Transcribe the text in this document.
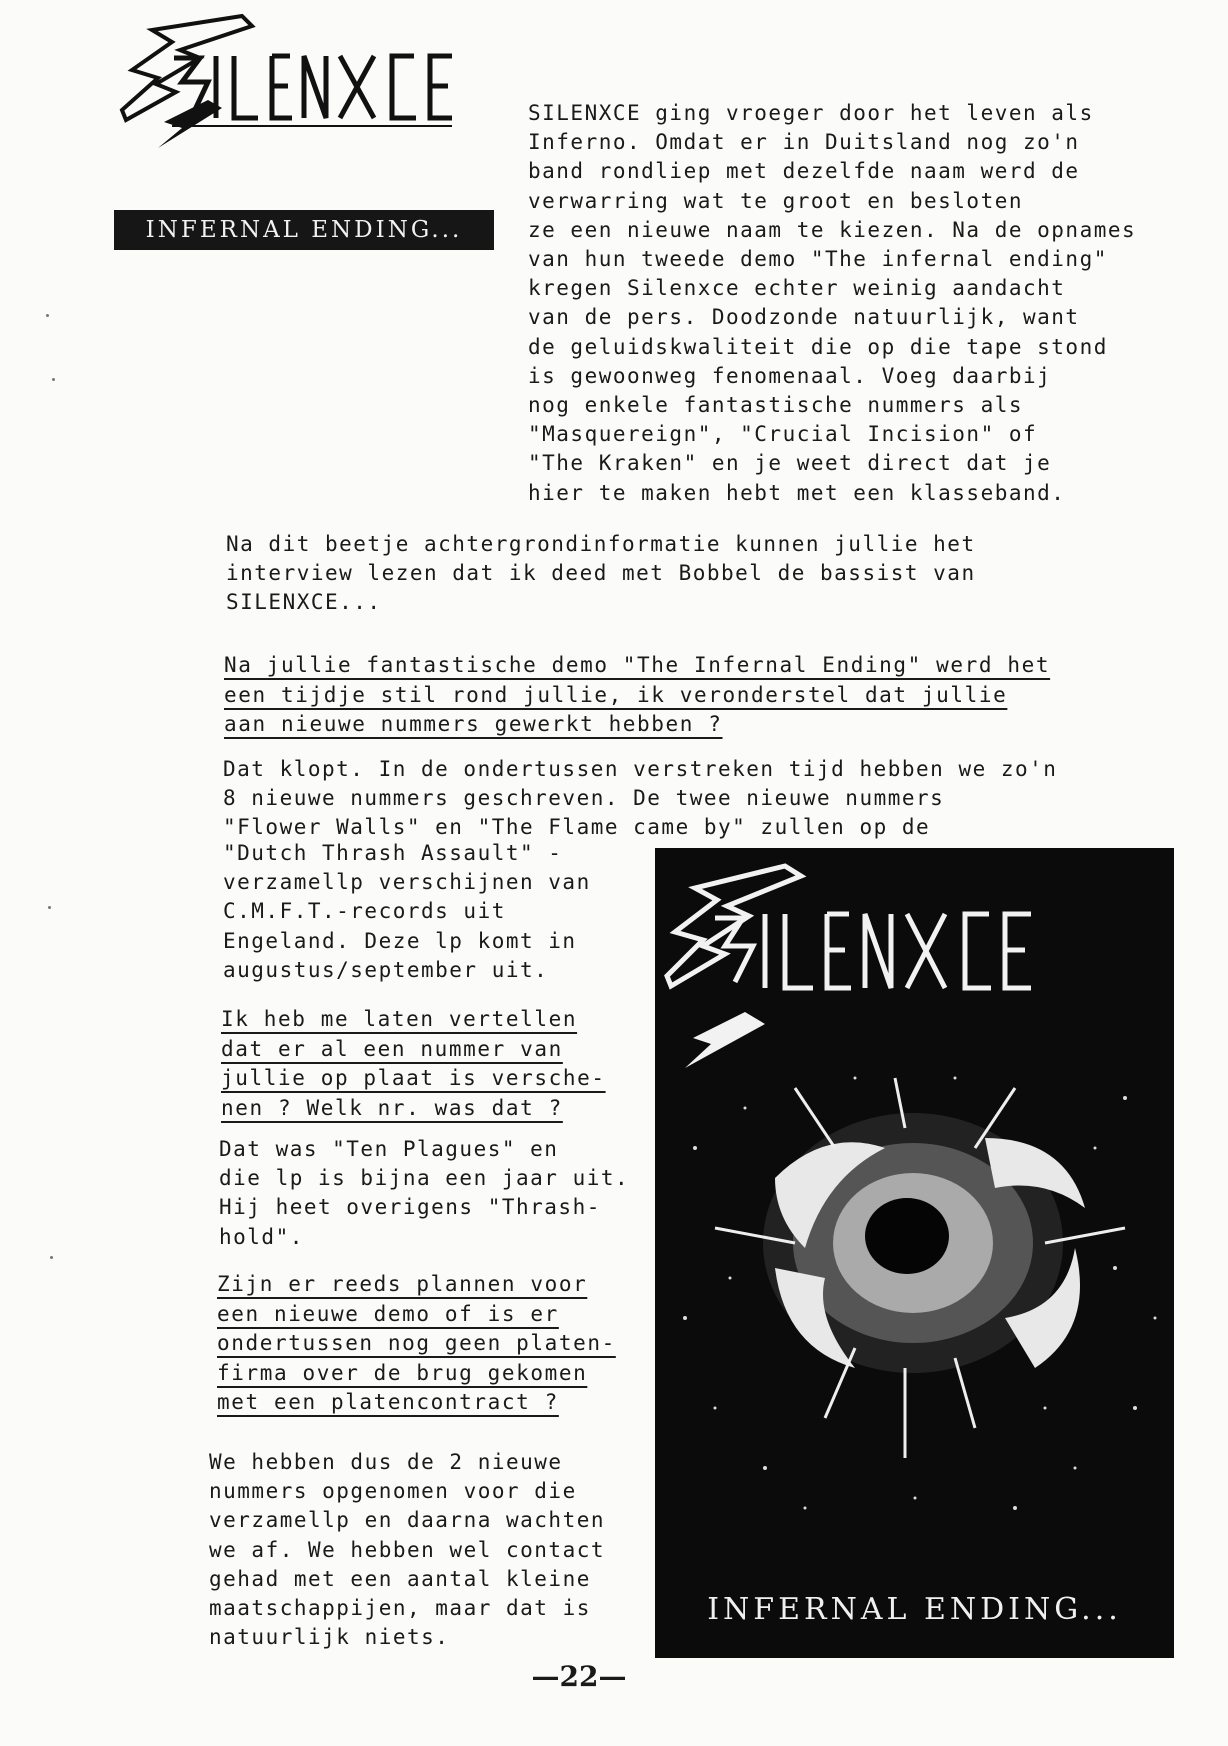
INFERNAL ENDING...
SILENXCE ging vroeger door het leven als
Inferno. Omdat er in Duitsland nog zo'n
band rondliep met dezelfde naam werd de
verwarring wat te groot en besloten
ze een nieuwe naam te kiezen. Na de opnames
van hun tweede demo "The infernal ending"
kregen Silenxce echter weinig aandacht
van de pers. Doodzonde natuurlijk, want
de geluidskwaliteit die op die tape stond
is gewoonweg fenomenaal. Voeg daarbij
nog enkele fantastische nummers als
"Masquereign", "Crucial Incision" of
"The Kraken" en je weet direct dat je
hier te maken hebt met een klasseband.
Na dit beetje achtergrondinformatie kunnen jullie het
interview lezen dat ik deed met Bobbel de bassist van
SILENXCE...
Na jullie fantastische demo "The Infernal Ending" werd het
een tijdje stil rond jullie, ik veronderstel dat jullie
aan nieuwe nummers gewerkt hebben ?
Dat klopt. In de ondertussen verstreken tijd hebben we zo'n
8 nieuwe nummers geschreven. De twee nieuwe nummers
"Flower Walls" en "The Flame came by" zullen op de
"Dutch Thrash Assault" -
verzamellp verschijnen van
C.M.F.T.-records uit
Engeland. Deze lp komt in
augustus/september uit.
Ik heb me laten vertellen
dat er al een nummer van
jullie op plaat is versche-
nen ? Welk nr. was dat ?
Dat was "Ten Plagues" en
die lp is bijna een jaar uit.
Hij heet overigens "Thrash-
hold".
Zijn er reeds plannen voor
een nieuwe demo of is er
ondertussen nog geen platen-
firma over de brug gekomen
met een platencontract ?
We hebben dus de 2 nieuwe
nummers opgenomen voor die
verzamellp en daarna wachten
we af. We hebben wel contact
gehad met een aantal kleine
maatschappijen, maar dat is
natuurlijk niets.
INFERNAL ENDING...
—22—
